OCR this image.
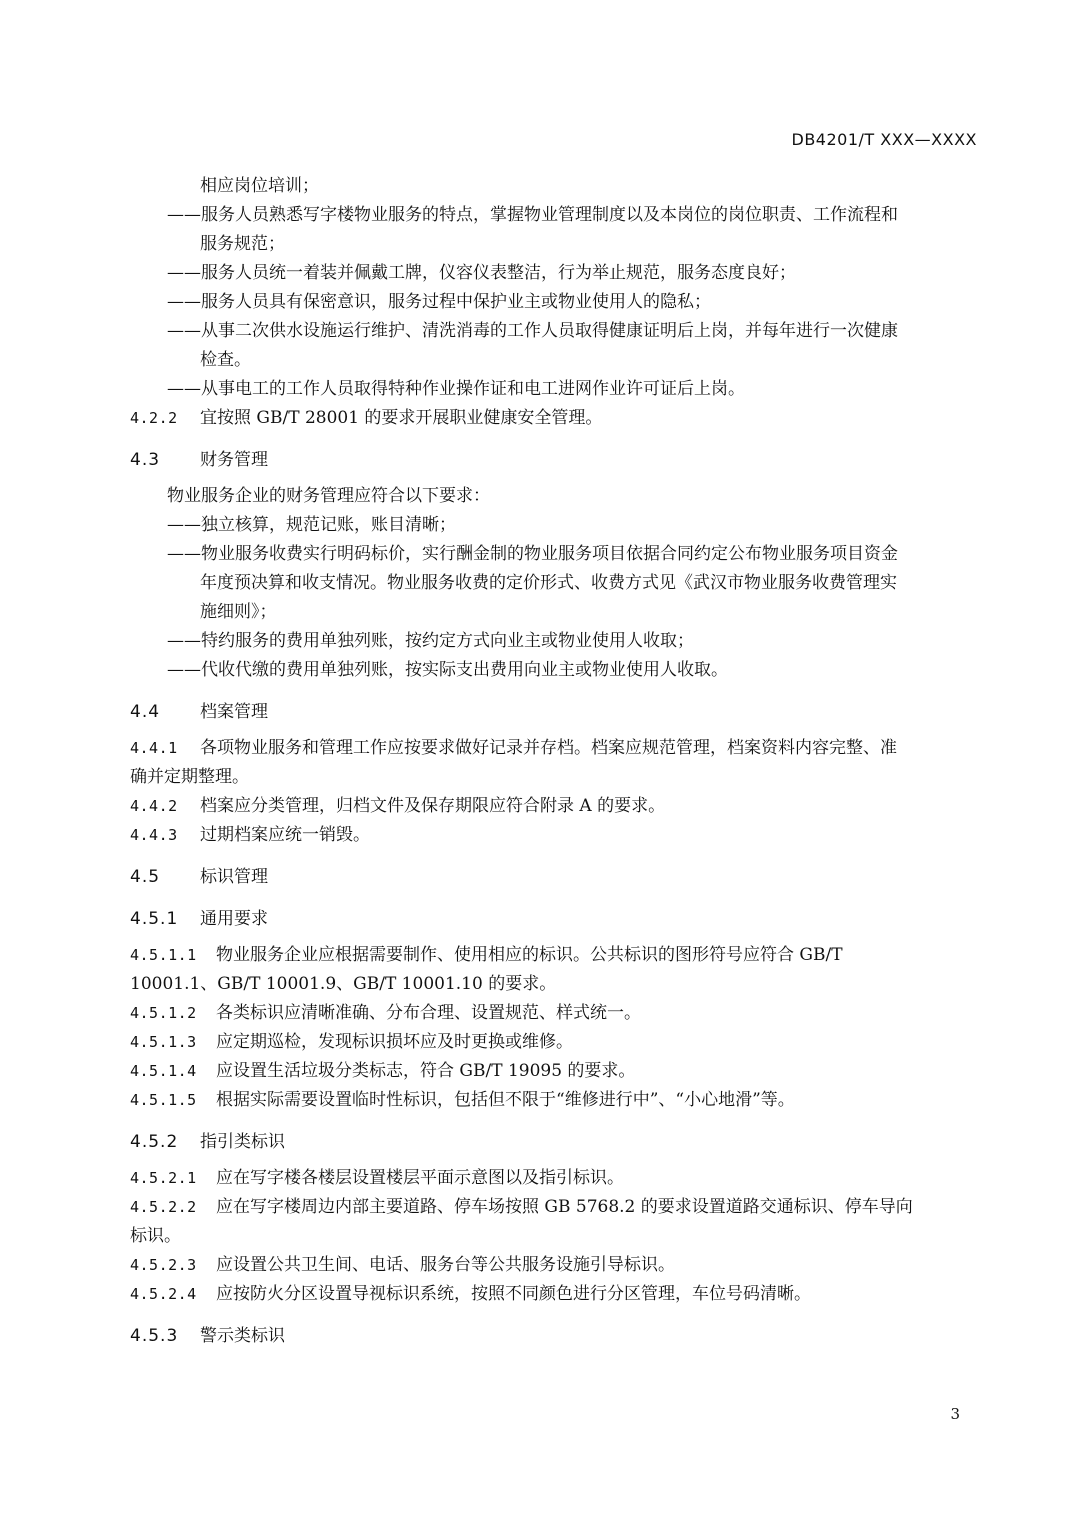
DB4201/T XXX—XXXX
相应岗位培训；
——服务人员熟悉写字楼物业服务的特点，掌握物业管理制度以及本岗位的岗位职责、工作流程和
服务规范；
——服务人员统一着装并佩戴工牌，仪容仪表整洁，行为举止规范，服务态度良好；
——服务人员具有保密意识，服务过程中保护业主或物业使用人的隐私；
——从事二次供水设施运行维护、清洗消毒的工作人员取得健康证明后上岗，并每年进行一次健康
检查。
——从事电工的工作人员取得特种作业操作证和电工进网作业许可证后上岗。
4.2.2 宜按照 GB/T 28001 的要求开展职业健康安全管理。
4.3 财务管理
物业服务企业的财务管理应符合以下要求：
——独立核算，规范记账，账目清晰；
——物业服务收费实行明码标价，实行酬金制的物业服务项目依据合同约定公布物业服务项目资金
年度预决算和收支情况。物业服务收费的定价形式、收费方式见《武汉市物业服务收费管理实
施细则》；
——特约服务的费用单独列账，按约定方式向业主或物业使用人收取；
——代收代缴的费用单独列账，按实际支出费用向业主或物业使用人收取。
4.4 档案管理
4.4.1 各项物业服务和管理工作应按要求做好记录并存档。档案应规范管理，档案资料内容完整、准
确并定期整理。
4.4.2 档案应分类管理，归档文件及保存期限应符合附录 A 的要求。
4.4.3 过期档案应统一销毁。
4.5 标识管理
4.5.1 通用要求
4.5.1.1 物业服务企业应根据需要制作、使用相应的标识。公共标识的图形符号应符合 GB/T
10001.1、GB/T 10001.9、GB/T 10001.10 的要求。
4.5.1.2 各类标识应清晰准确、分布合理、设置规范、样式统一。
4.5.1.3 应定期巡检，发现标识损坏应及时更换或维修。
4.5.1.4 应设置生活垃圾分类标志，符合 GB/T 19095 的要求。
4.5.1.5 根据实际需要设置临时性标识，包括但不限于“维修进行中”、“小心地滑”等。
4.5.2 指引类标识
4.5.2.1 应在写字楼各楼层设置楼层平面示意图以及指引标识。
4.5.2.2 应在写字楼周边内部主要道路、停车场按照 GB 5768.2 的要求设置道路交通标识、停车导向
标识。
4.5.2.3 应设置公共卫生间、电话、服务台等公共服务设施引导标识。
4.5.2.4 应按防火分区设置导视标识系统，按照不同颜色进行分区管理，车位号码清晰。
4.5.3 警示类标识
3
